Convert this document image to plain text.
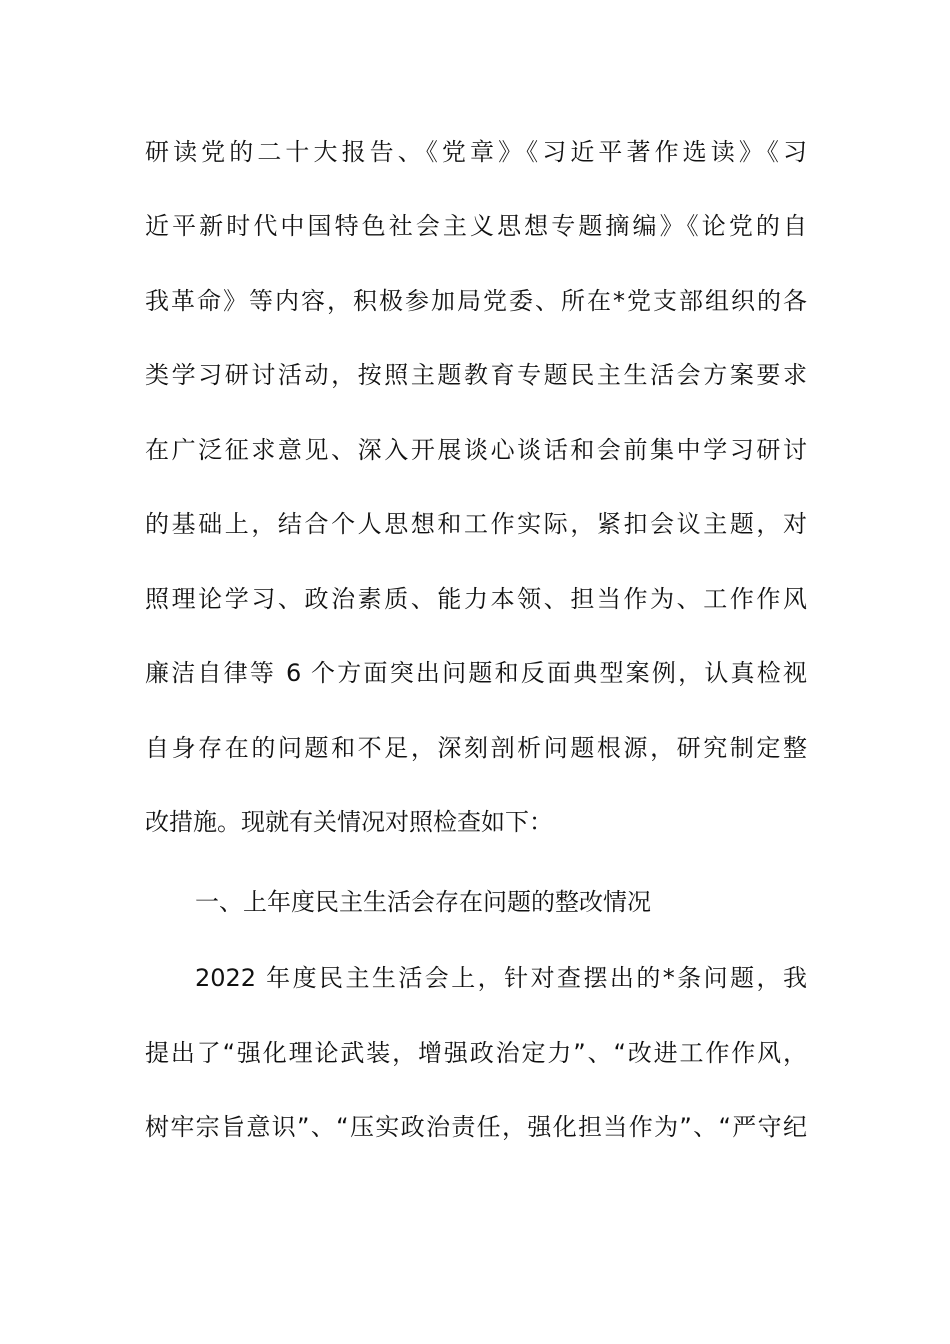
研读党的二十大报告、《党章》《习近平著作选读》《习
近平新时代中国特色社会主义思想专题摘编》《论党的自
我革命》等内容，积极参加局党委、所在*党支部组织的各
类学习研讨活动，按照主题教育专题民主生活会方案要求
在广泛征求意见、深入开展谈心谈话和会前集中学习研讨
的基础上，结合个人思想和工作实际，紧扣会议主题，对
照理论学习、政治素质、能力本领、担当作为、工作作风
廉洁自律等 6 个方面突出问题和反面典型案例，认真检视
自身存在的问题和不足，深刻剖析问题根源，研究制定整
改措施。现就有关情况对照检查如下：
一、上年度民主生活会存在问题的整改情况
2022 年度民主生活会上，针对查摆出的*条问题，我
提出了“强化理论武装，增强政治定力”、“改进工作作风，
树牢宗旨意识”、“压实政治责任，强化担当作为”、“严守纪
